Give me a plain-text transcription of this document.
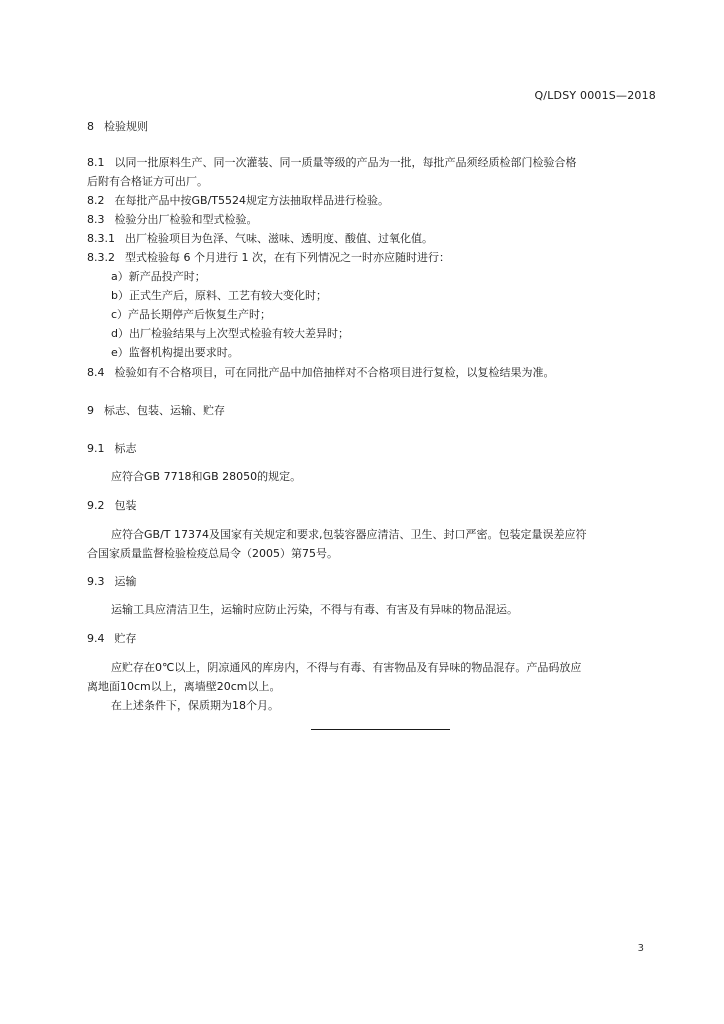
Q/LDSY 0001S—2018
8 检验规则
8.1 以同一批原料生产、同一次灌装、同一质量等级的产品为一批，每批产品须经质检部门检验合格
后附有合格证方可出厂。
8.2 在每批产品中按GB/T5524规定方法抽取样品进行检验。
8.3 检验分出厂检验和型式检验。
8.3.1 出厂检验项目为色泽、气味、滋味、透明度、酸值、过氧化值。
8.3.2 型式检验每 6 个月进行 1 次，在有下列情况之一时亦应随时进行：
a）新产品投产时；
b）正式生产后，原料、工艺有较大变化时；
c）产品长期停产后恢复生产时；
d）出厂检验结果与上次型式检验有较大差异时；
e）监督机构提出要求时。
8.4 检验如有不合格项目，可在同批产品中加倍抽样对不合格项目进行复检，以复检结果为准。
9 标志、包装、运输、贮存
9.1 标志
应符合GB 7718和GB 28050的规定。
9.2 包装
应符合GB/T 17374及国家有关规定和要求,包装容器应清洁、卫生、封口严密。包装定量误差应符
合国家质量监督检验检疫总局令（2005）第75号。
9.3 运输
运输工具应清洁卫生，运输时应防止污染，不得与有毒、有害及有异味的物品混运。
9.4 贮存
应贮存在0℃以上，阴凉通风的库房内，不得与有毒、有害物品及有异味的物品混存。产品码放应
离地面10cm以上，离墙壁20cm以上。
在上述条件下，保质期为18个月。
3
